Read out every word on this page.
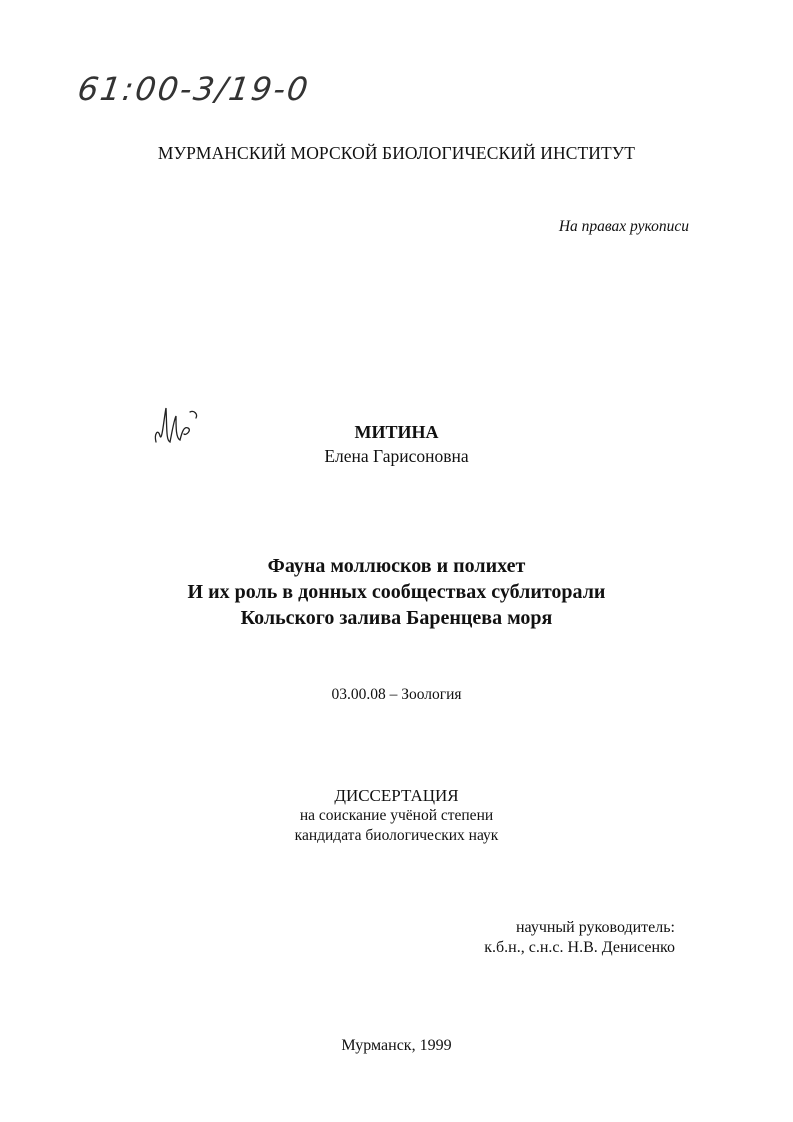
61:00-3/19-0
МУРМАНСКИЙ МОРСКОЙ БИОЛОГИЧЕСКИЙ ИНСТИТУТ
На правах рукописи
МИТИНА
Елена Гарисоновна
Фауна моллюсков и полихет
И их роль в донных сообществах сублиторали
Кольского залива Баренцева моря
03.00.08 – Зоология
ДИССЕРТАЦИЯ
на соискание учёной степени
кандидата биологических наук
научный руководитель:
к.б.н., с.н.с. Н.В. Денисенко
Мурманск, 1999
